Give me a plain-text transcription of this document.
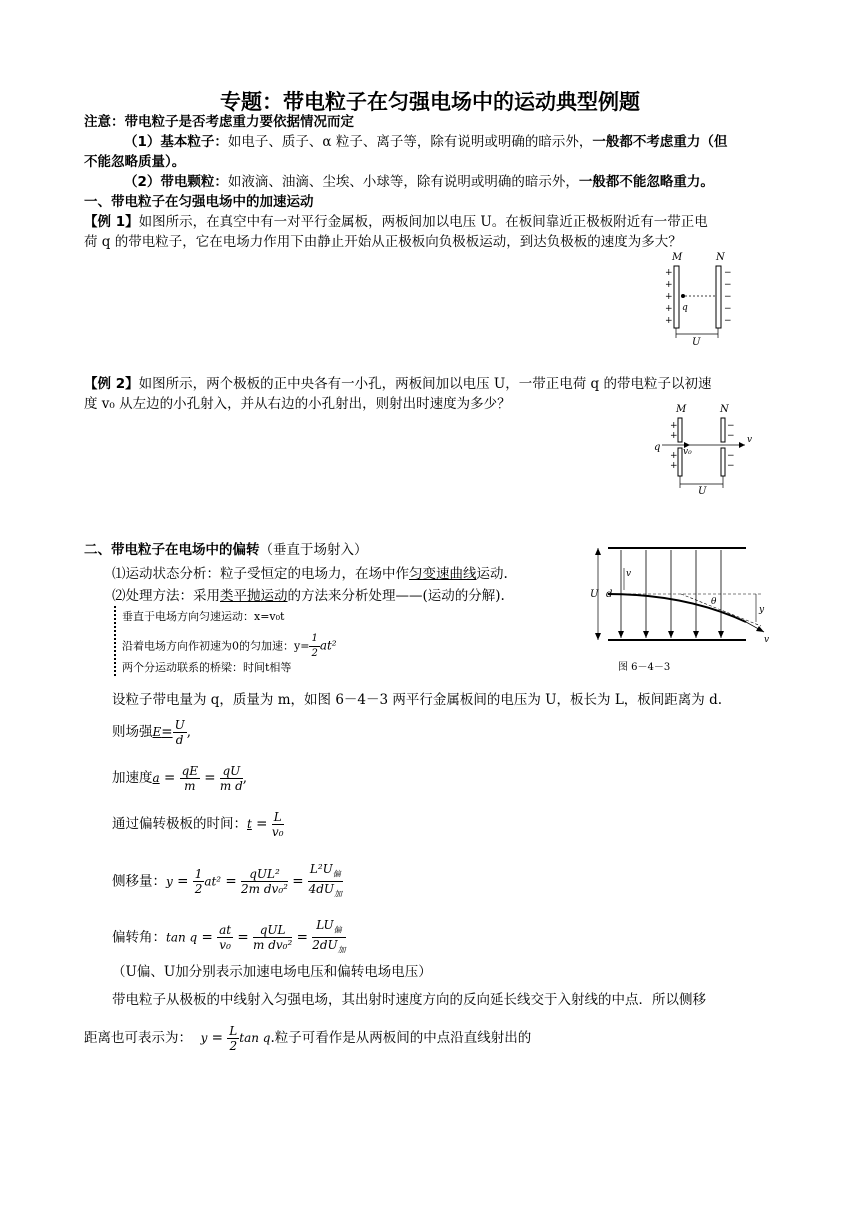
专题：带电粒子在匀强电场中的运动典型例题
注意：带电粒子是否考虑重力要依据情况而定
（1）基本粒子：如电子、质子、α 粒子、离子等，除有说明或明确的暗示外，一般都不考虑重力（但
不能忽略质量）。
（2）带电颗粒：如液滴、油滴、尘埃、小球等，除有说明或明确的暗示外，一般都不能忽略重力。
一、带电粒子在匀强电场中的加速运动
【例 1】如图所示，在真空中有一对平行金属板，两板间加以电压 U。在板间靠近正极板附近有一带正电
荷 q 的带电粒子，它在电场力作用下由静止开始从正极板向负极板运动，到达负极板的速度为多大？
M	N
+
+
+
+
+
−
−
−
−
−
q
U
【例 2】如图所示，两个极板的正中央各有一小孔，两板间加以电压 U，一带正电荷 q 的带电粒子以初速
度 v₀ 从左边的小孔射入，并从右边的小孔射出，则射出时速度为多少？	M	N
+
+
+
+
−
−
−
−
q	v₀
v
U
二、带电粒子在电场中的偏转（垂直于场射入）
⑴运动状态分析：粒子受恒定的电场力，在场中作匀变速曲线运动.
⑵处理方法：采用类平抛运动的方法来分析处理——(运动的分解).
垂直于电场方向匀速运动：x=v₀t
沿着电场方向作初速为0的匀加速：$y= \frac{1}{2} at^2$
两个分运动联系的桥梁：时间t相等
U d
v
θ
y
v
图 6－4－3
设粒子带电量为 q，质量为 m，如图 6－4－3 两平行金属板间的电压为 U，板长为 L，板间距离为 d.
则场强$E= \frac{U}{d}$ ,
加速度$a = \frac{qE}{m} = \frac{qU}{\text{m d}}$ ,
通过偏转极板的时间：$t = \frac{L}{\text{v₀}}$
侧移量：$y = \frac{1}{2} at^2 = \frac{\text{qUL²}}{\text{2m dv₀²}} = \frac{L^2U_偏}{4dU_加}$
偏转角：$\tan q = \frac{at}{\text{v₀}} = \frac{\text{qUL}}{\text{m dv₀²}} = \frac{LU_偏}{2dU_加}$
（U偏、U加分别表示加速电场电压和偏转电场电压）
带电粒子从极板的中线射入匀强电场，其出射时速度方向的反向延长线交于入射线的中点．所以侧移
距离也可表示为： $y = \frac{L}{2}$ tan q.粒子可看作是从两板间的中点沿直线射出的
